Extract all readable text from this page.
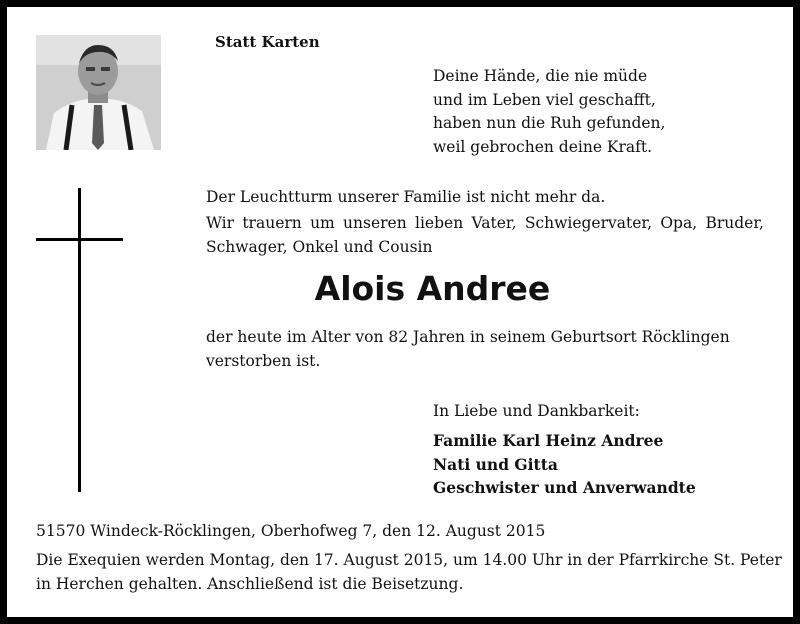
Statt Karten
Deine Hände, die nie müde
und im Leben viel geschafft,
haben nun die Ruh gefunden,
weil gebrochen deine Kraft.
Der Leuchtturm unserer Familie ist nicht mehr da.
Wir trauern um unseren lieben Vater, Schwiegervater, Opa, Bruder,
Schwager, Onkel und Cousin
Alois Andree
der heute im Alter von 82 Jahren in seinem Geburtsort Röcklingen
verstorben ist.
In Liebe und Dankbarkeit:
Familie Karl Heinz Andree
Nati und Gitta
Geschwister und Anverwandte
51570 Windeck-Röcklingen, Oberhofweg 7, den 12. August 2015
Die Exequien werden Montag, den 17. August 2015, um 14.00 Uhr in der Pfarrkirche St. Peter
in Herchen gehalten. Anschließend ist die Beisetzung.
